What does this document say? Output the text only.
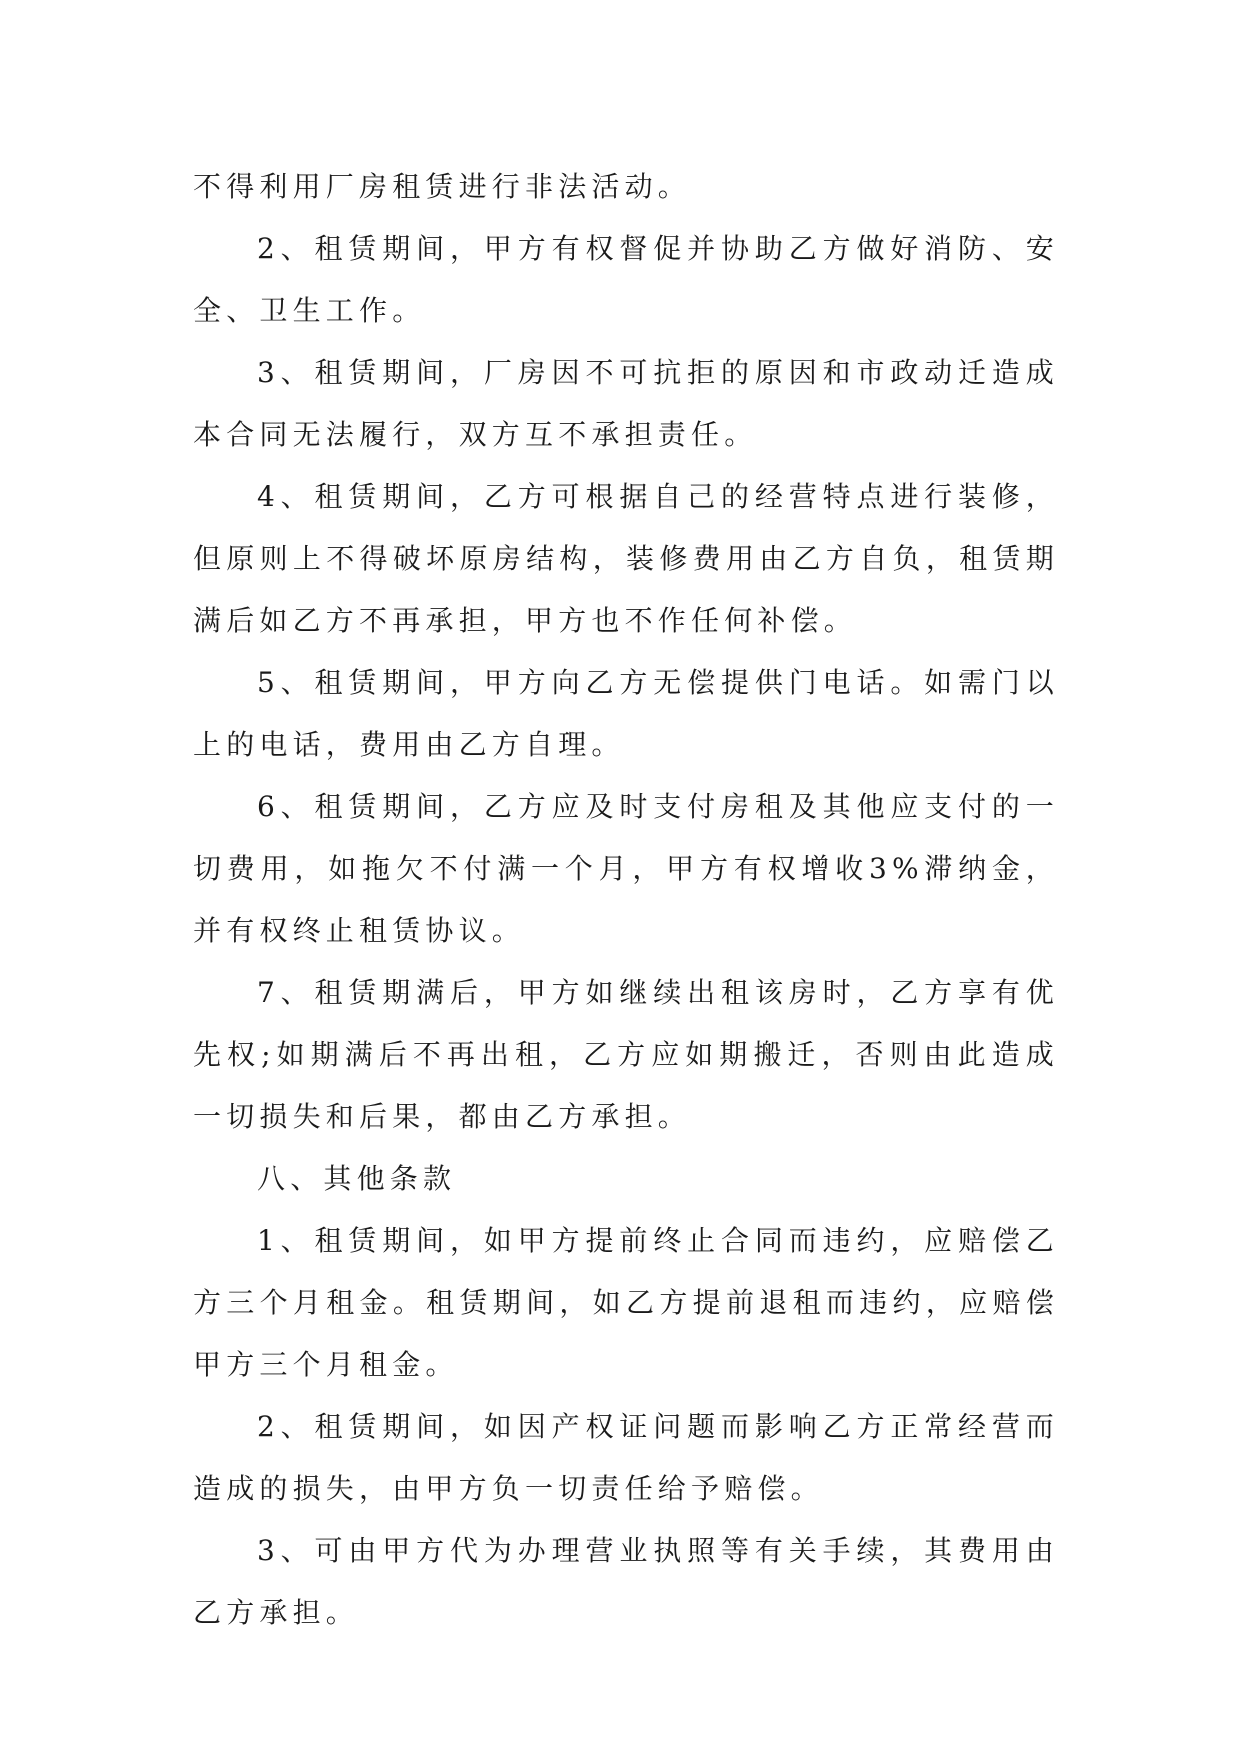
不得利用厂房租赁进行非法活动。

2、租赁期间，甲方有权督促并协助乙方做好消防、安全、卫生工作。

3、租赁期间，厂房因不可抗拒的原因和市政动迁造成本合同无法履行，双方互不承担责任。

4、租赁期间，乙方可根据自己的经营特点进行装修，但原则上不得破坏原房结构，装修费用由乙方自负，租赁期满后如乙方不再承担，甲方也不作任何补偿。

5、租赁期间，甲方向乙方无偿提供门电话。如需门以上的电话，费用由乙方自理。

6、租赁期间，乙方应及时支付房租及其他应支付的一切费用，如拖欠不付满一个月，甲方有权增收3%滞纳金，并有权终止租赁协议。

7、租赁期满后，甲方如继续出租该房时，乙方享有优先权;如期满后不再出租，乙方应如期搬迁，否则由此造成一切损失和后果，都由乙方承担。

八、其他条款

1、租赁期间，如甲方提前终止合同而违约，应赔偿乙方三个月租金。租赁期间，如乙方提前退租而违约，应赔偿甲方三个月租金。

2、租赁期间，如因产权证问题而影响乙方正常经营而造成的损失，由甲方负一切责任给予赔偿。

3、可由甲方代为办理营业执照等有关手续，其费用由乙方承担。
